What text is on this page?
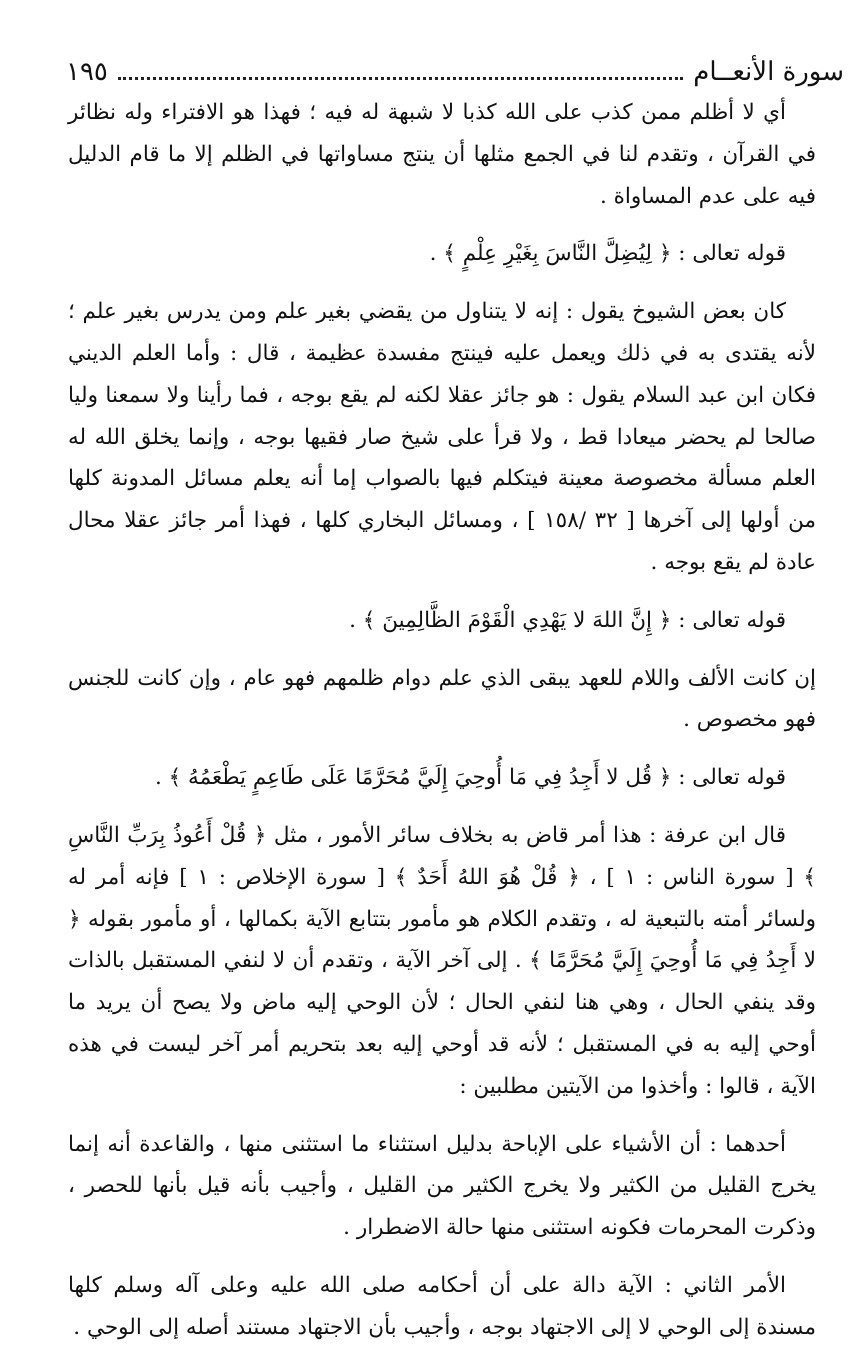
سورة الأنعــام
١٩٥

أي لا أظلم ممن كذب على الله كذبا لا شبهة له فيه ؛ فهذا هو الافتراء وله نظائر في القرآن ، وتقدم لنا في الجمع مثلها أن ينتج مساواتها في الظلم إلا ما قام الدليل فيه على عدم المساواة .

قوله تعالى : ﴿ لِيُضِلَّ النَّاسَ بِغَيْرِ عِلْمٍ ﴾ .

كان بعض الشيوخ يقول : إنه لا يتناول من يقضي بغير علم ومن يدرس بغير علم ؛ لأنه يقتدى به في ذلك ويعمل عليه فينتج مفسدة عظيمة ، قال : وأما العلم الديني فكان ابن عبد السلام يقول : هو جائز عقلا لكنه لم يقع بوجه ، فما رأينا ولا سمعنا وليا صالحا لم يحضر ميعادا قط ، ولا قرأ على شيخ صار فقيها بوجه ، وإنما يخلق الله له العلم مسألة مخصوصة معينة فيتكلم فيها بالصواب إما أنه يعلم مسائل المدونة كلها من أولها إلى آخرها [ ٣٢ /١٥٨ ] ، ومسائل البخاري كلها ، فهذا أمر جائز عقلا محال عادة لم يقع بوجه .

قوله تعالى : ﴿ إِنَّ اللهَ لا يَهْدِي الْقَوْمَ الظَّالِمِينَ ﴾ .

إن كانت الألف واللام للعهد يبقى الذي علم دوام ظلمهم فهو عام ، وإن كانت للجنس فهو مخصوص .

قوله تعالى : ﴿ قُل لا أَجِدُ فِي مَا أُوحِيَ إِلَيَّ مُحَرَّمًا عَلَى طَاعِمٍ يَطْعَمُهُ ﴾ .

قال ابن عرفة : هذا أمر قاض به بخلاف سائر الأمور ، مثل ﴿ قُلْ أَعُوذُ بِرَبِّ النَّاسِ ﴾ [ سورة الناس : ١ ] ، ﴿ قُلْ هُوَ اللهُ أَحَدٌ ﴾ [ سورة الإخلاص : ١ ] فإنه أمر له ولسائر أمته بالتبعية له ، وتقدم الكلام هو مأمور بتتابع الآية بكمالها ، أو مأمور بقوله ﴿ لا أَجِدُ فِي مَا أُوحِيَ إِلَيَّ مُحَرَّمًا ﴾ . إلى آخر الآية ، وتقدم أن لا لنفي المستقبل بالذات وقد ينفي الحال ، وهي هنا لنفي الحال ؛ لأن الوحي إليه ماض ولا يصح أن يريد ما أوحي إليه به في المستقبل ؛ لأنه قد أوحي إليه بعد بتحريم أمر آخر ليست في هذه الآية ، قالوا : وأخذوا من الآيتين مطلبين :

أحدهما : أن الأشياء على الإباحة بدليل استثناء ما استثنى منها ، والقاعدة أنه إنما يخرج القليل من الكثير ولا يخرج الكثير من القليل ، وأجيب بأنه قيل بأنها للحصر ، وذكرت المحرمات فكونه استثنى منها حالة الاضطرار .

الأمر الثاني : الآية دالة على أن أحكامه صلى الله عليه وعلى آله وسلم كلها مسندة إلى الوحي لا إلى الاجتهاد بوجه ، وأجيب بأن الاجتهاد مستند أصله إلى الوحي .
